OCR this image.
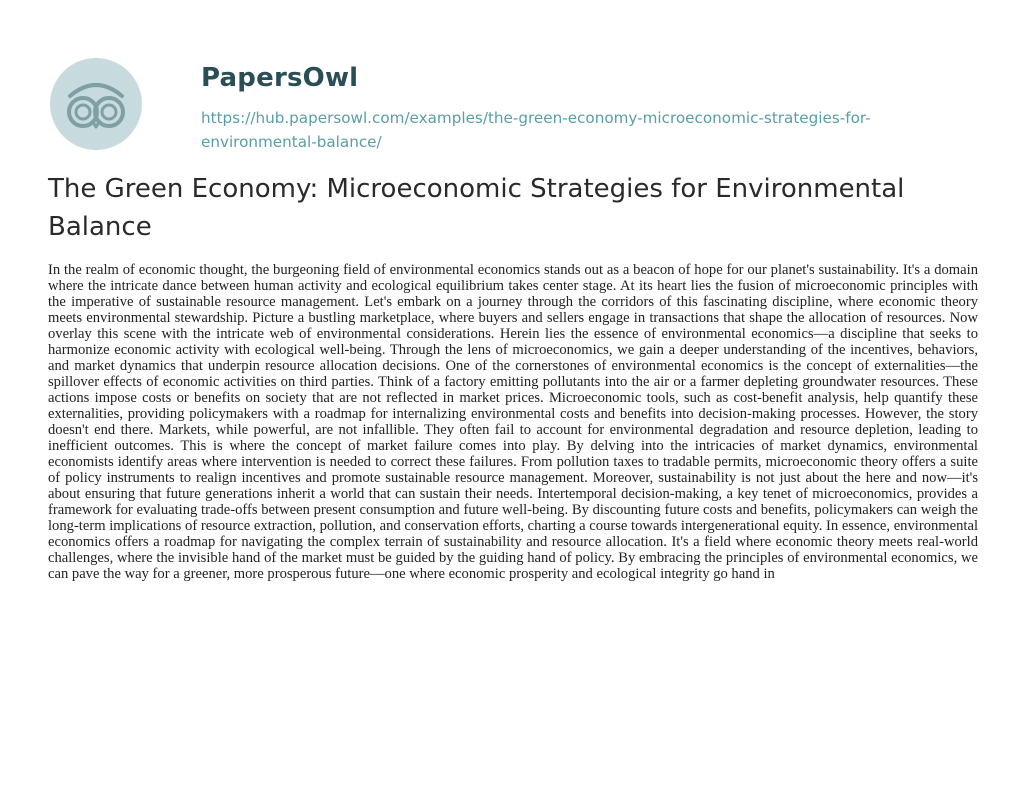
PapersOwl
https://hub.papersowl.com/examples/the-green-economy-microeconomic-strategies-for-environmental-balance/
The Green Economy: Microeconomic Strategies for Environmental Balance
In the realm of economic thought, the burgeoning field of environmental economics stands out as a beacon of hope for our planet's sustainability. It's a domain where the intricate dance between human activity and ecological equilibrium takes center stage. At its heart lies the fusion of microeconomic principles with the imperative of sustainable resource management. Let's embark on a journey through the corridors of this fascinating discipline, where economic theory meets environmental stewardship. Picture a bustling marketplace, where buyers and sellers engage in transactions that shape the allocation of resources. Now overlay this scene with the intricate web of environmental considerations. Herein lies the essence of environmental economics—a discipline that seeks to harmonize economic activity with ecological well-being. Through the lens of microeconomics, we gain a deeper understanding of the incentives, behaviors, and market dynamics that underpin resource allocation decisions. One of the cornerstones of environmental economics is the concept of externalities—the spillover effects of economic activities on third parties. Think of a factory emitting pollutants into the air or a farmer depleting groundwater resources. These actions impose costs or benefits on society that are not reflected in market prices. Microeconomic tools, such as cost-benefit analysis, help quantify these externalities, providing policymakers with a roadmap for internalizing environmental costs and benefits into decision-making processes. However, the story doesn't end there. Markets, while powerful, are not infallible. They often fail to account for environmental degradation and resource depletion, leading to inefficient outcomes. This is where the concept of market failure comes into play. By delving into the intricacies of market dynamics, environmental economists identify areas where intervention is needed to correct these failures. From pollution taxes to tradable permits, microeconomic theory offers a suite of policy instruments to realign incentives and promote sustainable resource management. Moreover, sustainability is not just about the here and now—it's about ensuring that future generations inherit a world that can sustain their needs. Intertemporal decision-making, a key tenet of microeconomics, provides a framework for evaluating trade-offs between present consumption and future well-being. By discounting future costs and benefits, policymakers can weigh the long-term implications of resource extraction, pollution, and conservation efforts, charting a course towards intergenerational equity. In essence, environmental economics offers a roadmap for navigating the complex terrain of sustainability and resource allocation. It's a field where economic theory meets real-world challenges, where the invisible hand of the market must be guided by the guiding hand of policy. By embracing the principles of environmental economics, we can pave the way for a greener, more prosperous future—one where economic prosperity and ecological integrity go hand in
